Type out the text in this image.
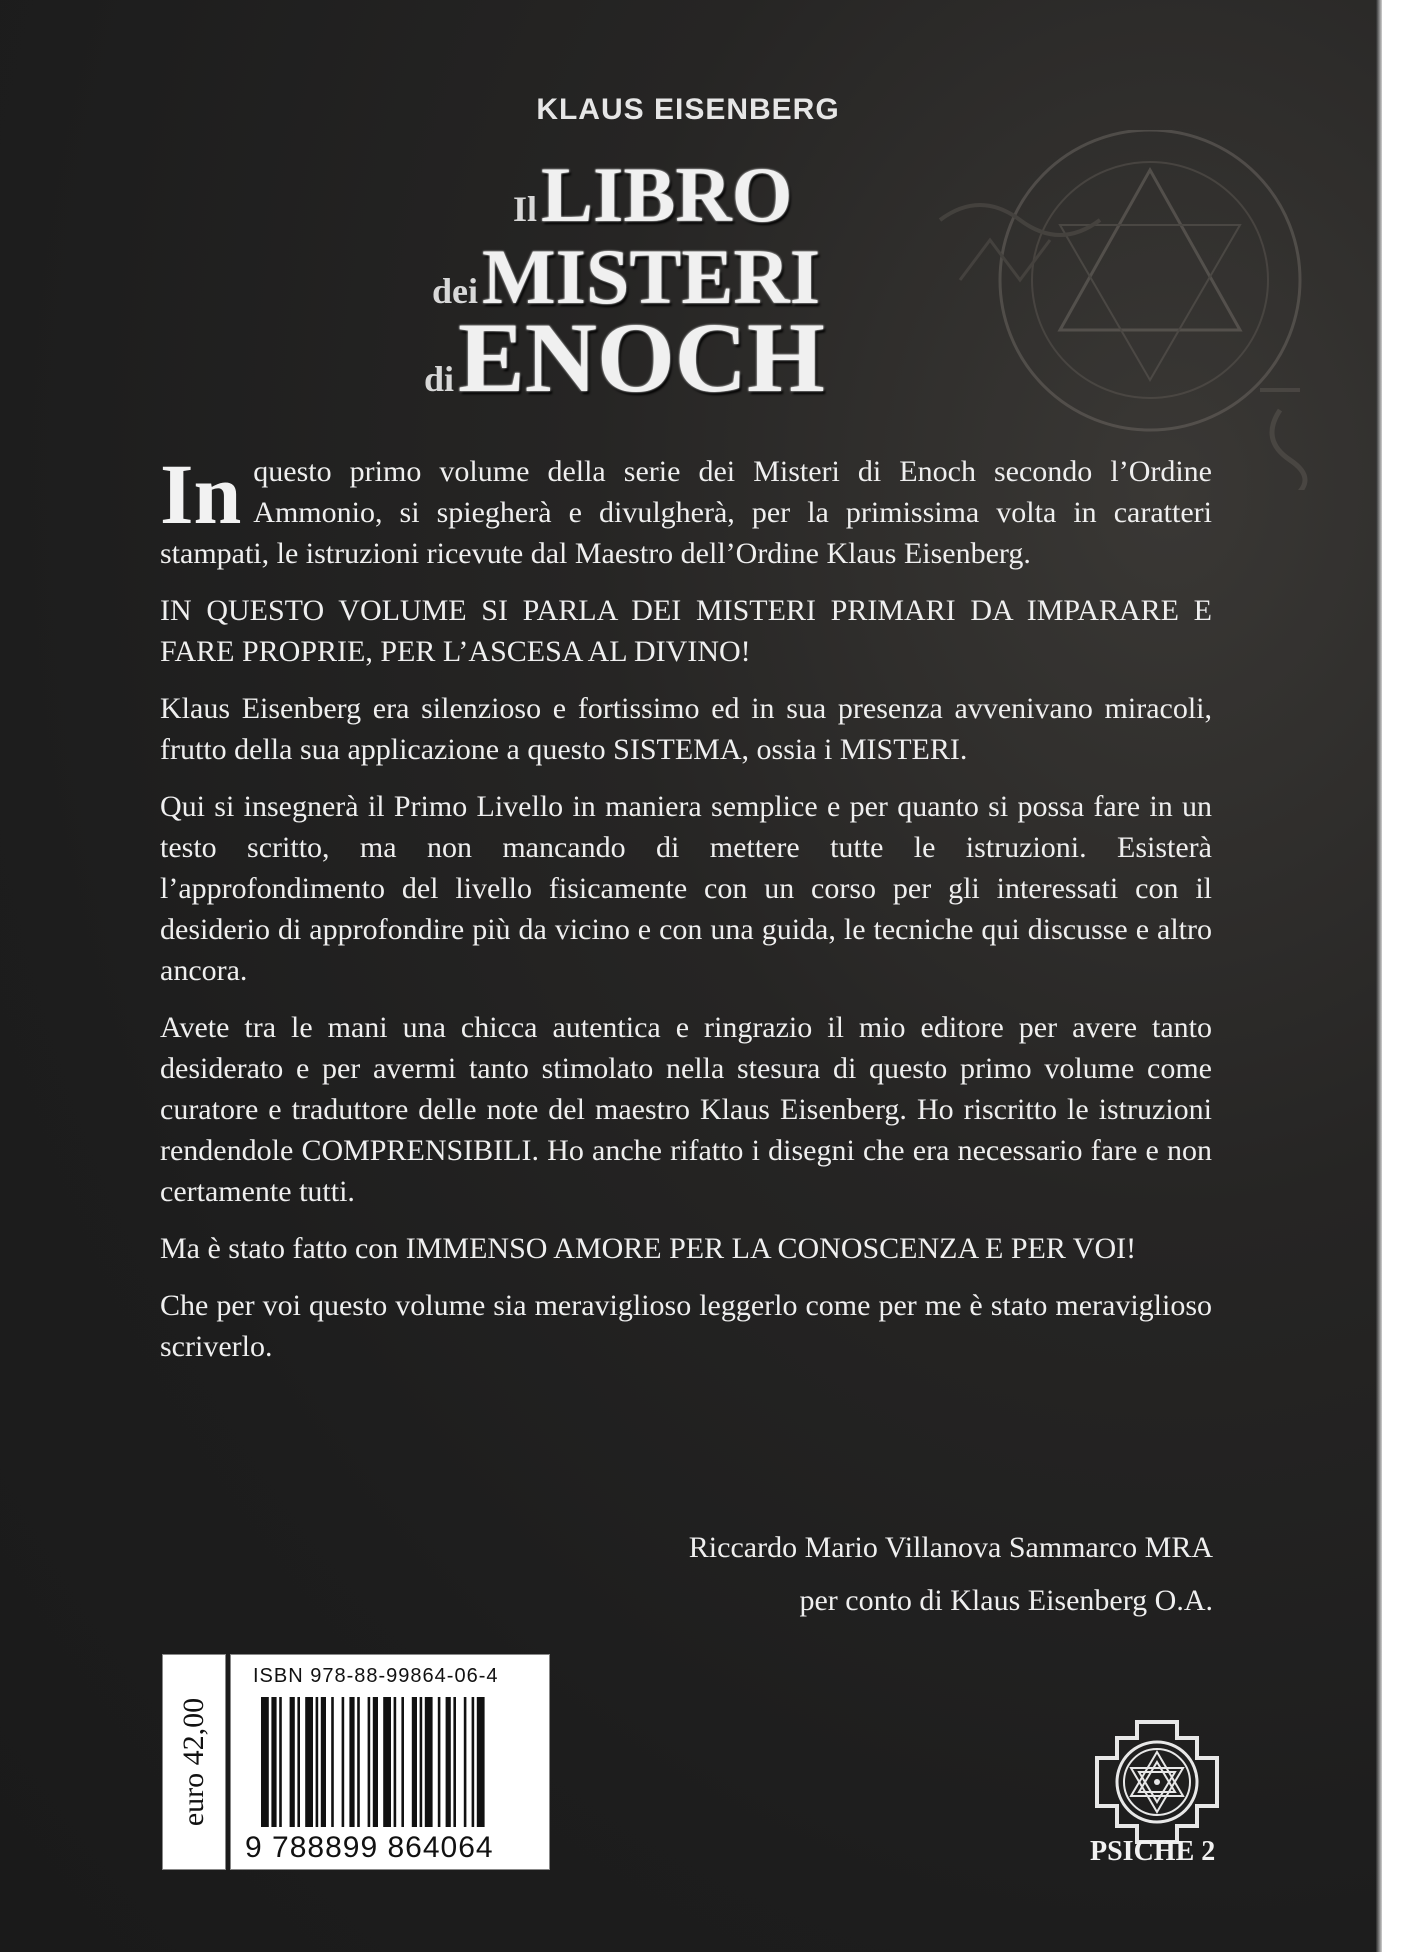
KLAUS EISENBERG
Il LIBRO
dei MISTERI
di ENOCH

In questo primo volume della serie dei Misteri di Enoch secondo l’Ordine Ammonio, si spiegherà e divulgherà, per la primissima volta in caratteri stampati, le istruzioni ricevute dal Maestro dell’Ordine Klaus Eisenberg.

IN QUESTO VOLUME SI PARLA DEI MISTERI PRIMARI DA IMPARARE E FARE PROPRIE, PER L’ASCESA AL DIVINO!

Klaus Eisenberg era silenzioso e fortissimo ed in sua presenza avvenivano miracoli, frutto della sua applicazione a questo SISTEMA, ossia i MISTERI.

Qui si insegnerà il Primo Livello in maniera semplice e per quanto si possa fare in un testo scritto, ma non mancando di mettere tutte le istruzioni. Esisterà l’approfondimento del livello fisicamente con un corso per gli interessati con il desiderio di approfondire più da vicino e con una guida, le tecniche qui discusse e altro ancora.

Avete tra le mani una chicca autentica e ringrazio il mio editore per avere tanto desiderato e per avermi tanto stimolato nella stesura di questo primo volume come curatore e traduttore delle note del maestro Klaus Eisenberg. Ho riscritto le istruzioni rendendole COMPRENSIBILI. Ho anche rifatto i disegni che era necessario fare e non certamente tutti.

Ma è stato fatto con IMMENSO AMORE PER LA CONOSCENZA E PER VOI!

Che per voi questo volume sia meraviglioso leggerlo come per me è stato meraviglioso scriverlo.

Riccardo Mario Villanova Sammarco MRA
per conto di Klaus Eisenberg O.A.
euro 42,00
ISBN 978-88-99864-06-4
9 788899 864064	PSICHE 2
